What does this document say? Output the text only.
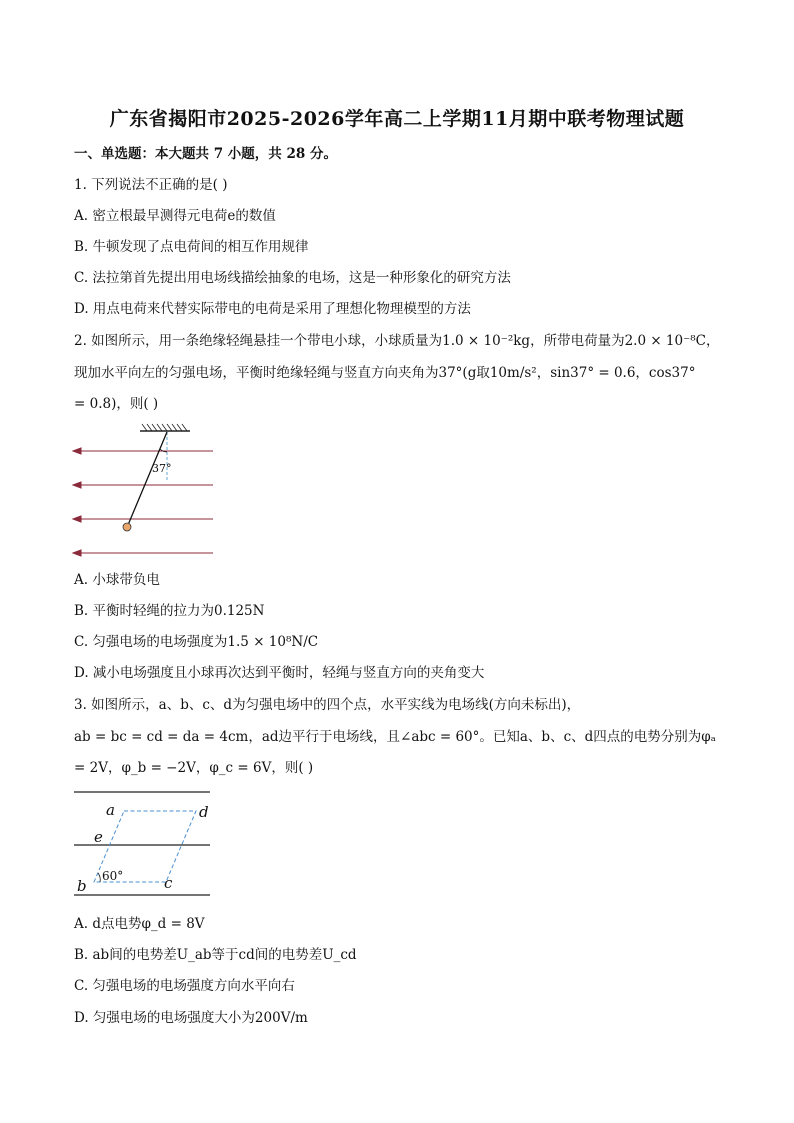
广东省揭阳市2025-2026学年高二上学期11月期中联考物理试题
一、单选题：本大题共 7 小题，共 28 分。
1. 下列说法不正确的是( )
A. 密立根最早测得元电荷e的数值
B. 牛顿发现了点电荷间的相互作用规律
C. 法拉第首先提出用电场线描绘抽象的电场，这是一种形象化的研究方法
D. 用点电荷来代替实际带电的电荷是采用了理想化物理模型的方法
2. 如图所示，用一条绝缘轻绳悬挂一个带电小球，小球质量为1.0 × 10⁻²kg，所带电荷量为2.0 × 10⁻⁸C，
现加水平向左的匀强电场，平衡时绝缘轻绳与竖直方向夹角为37°(g取10m/s²，sin37° = 0.6，cos37°
= 0.8)，则( )
37°
A. 小球带负电
B. 平衡时轻绳的拉力为0.125N
C. 匀强电场的电场强度为1.5 × 10⁸N/C
D. 减小电场强度且小球再次达到平衡时，轻绳与竖直方向的夹角变大
3. 如图所示，a、b、c、d为匀强电场中的四个点，水平实线为电场线(方向未标出)，
ab = bc = cd = da = 4cm，ad边平行于电场线，且∠abc = 60°。已知a、b、c、d四点的电势分别为φₐ
= 2V，φ_b = −2V，φ_c = 6V，则( )
a	d
e
b	c
60°
A. d点电势φ_d = 8V
B. ab间的电势差U_ab等于cd间的电势差U_cd
C. 匀强电场的电场强度方向水平向右
D. 匀强电场的电场强度大小为200V/m
